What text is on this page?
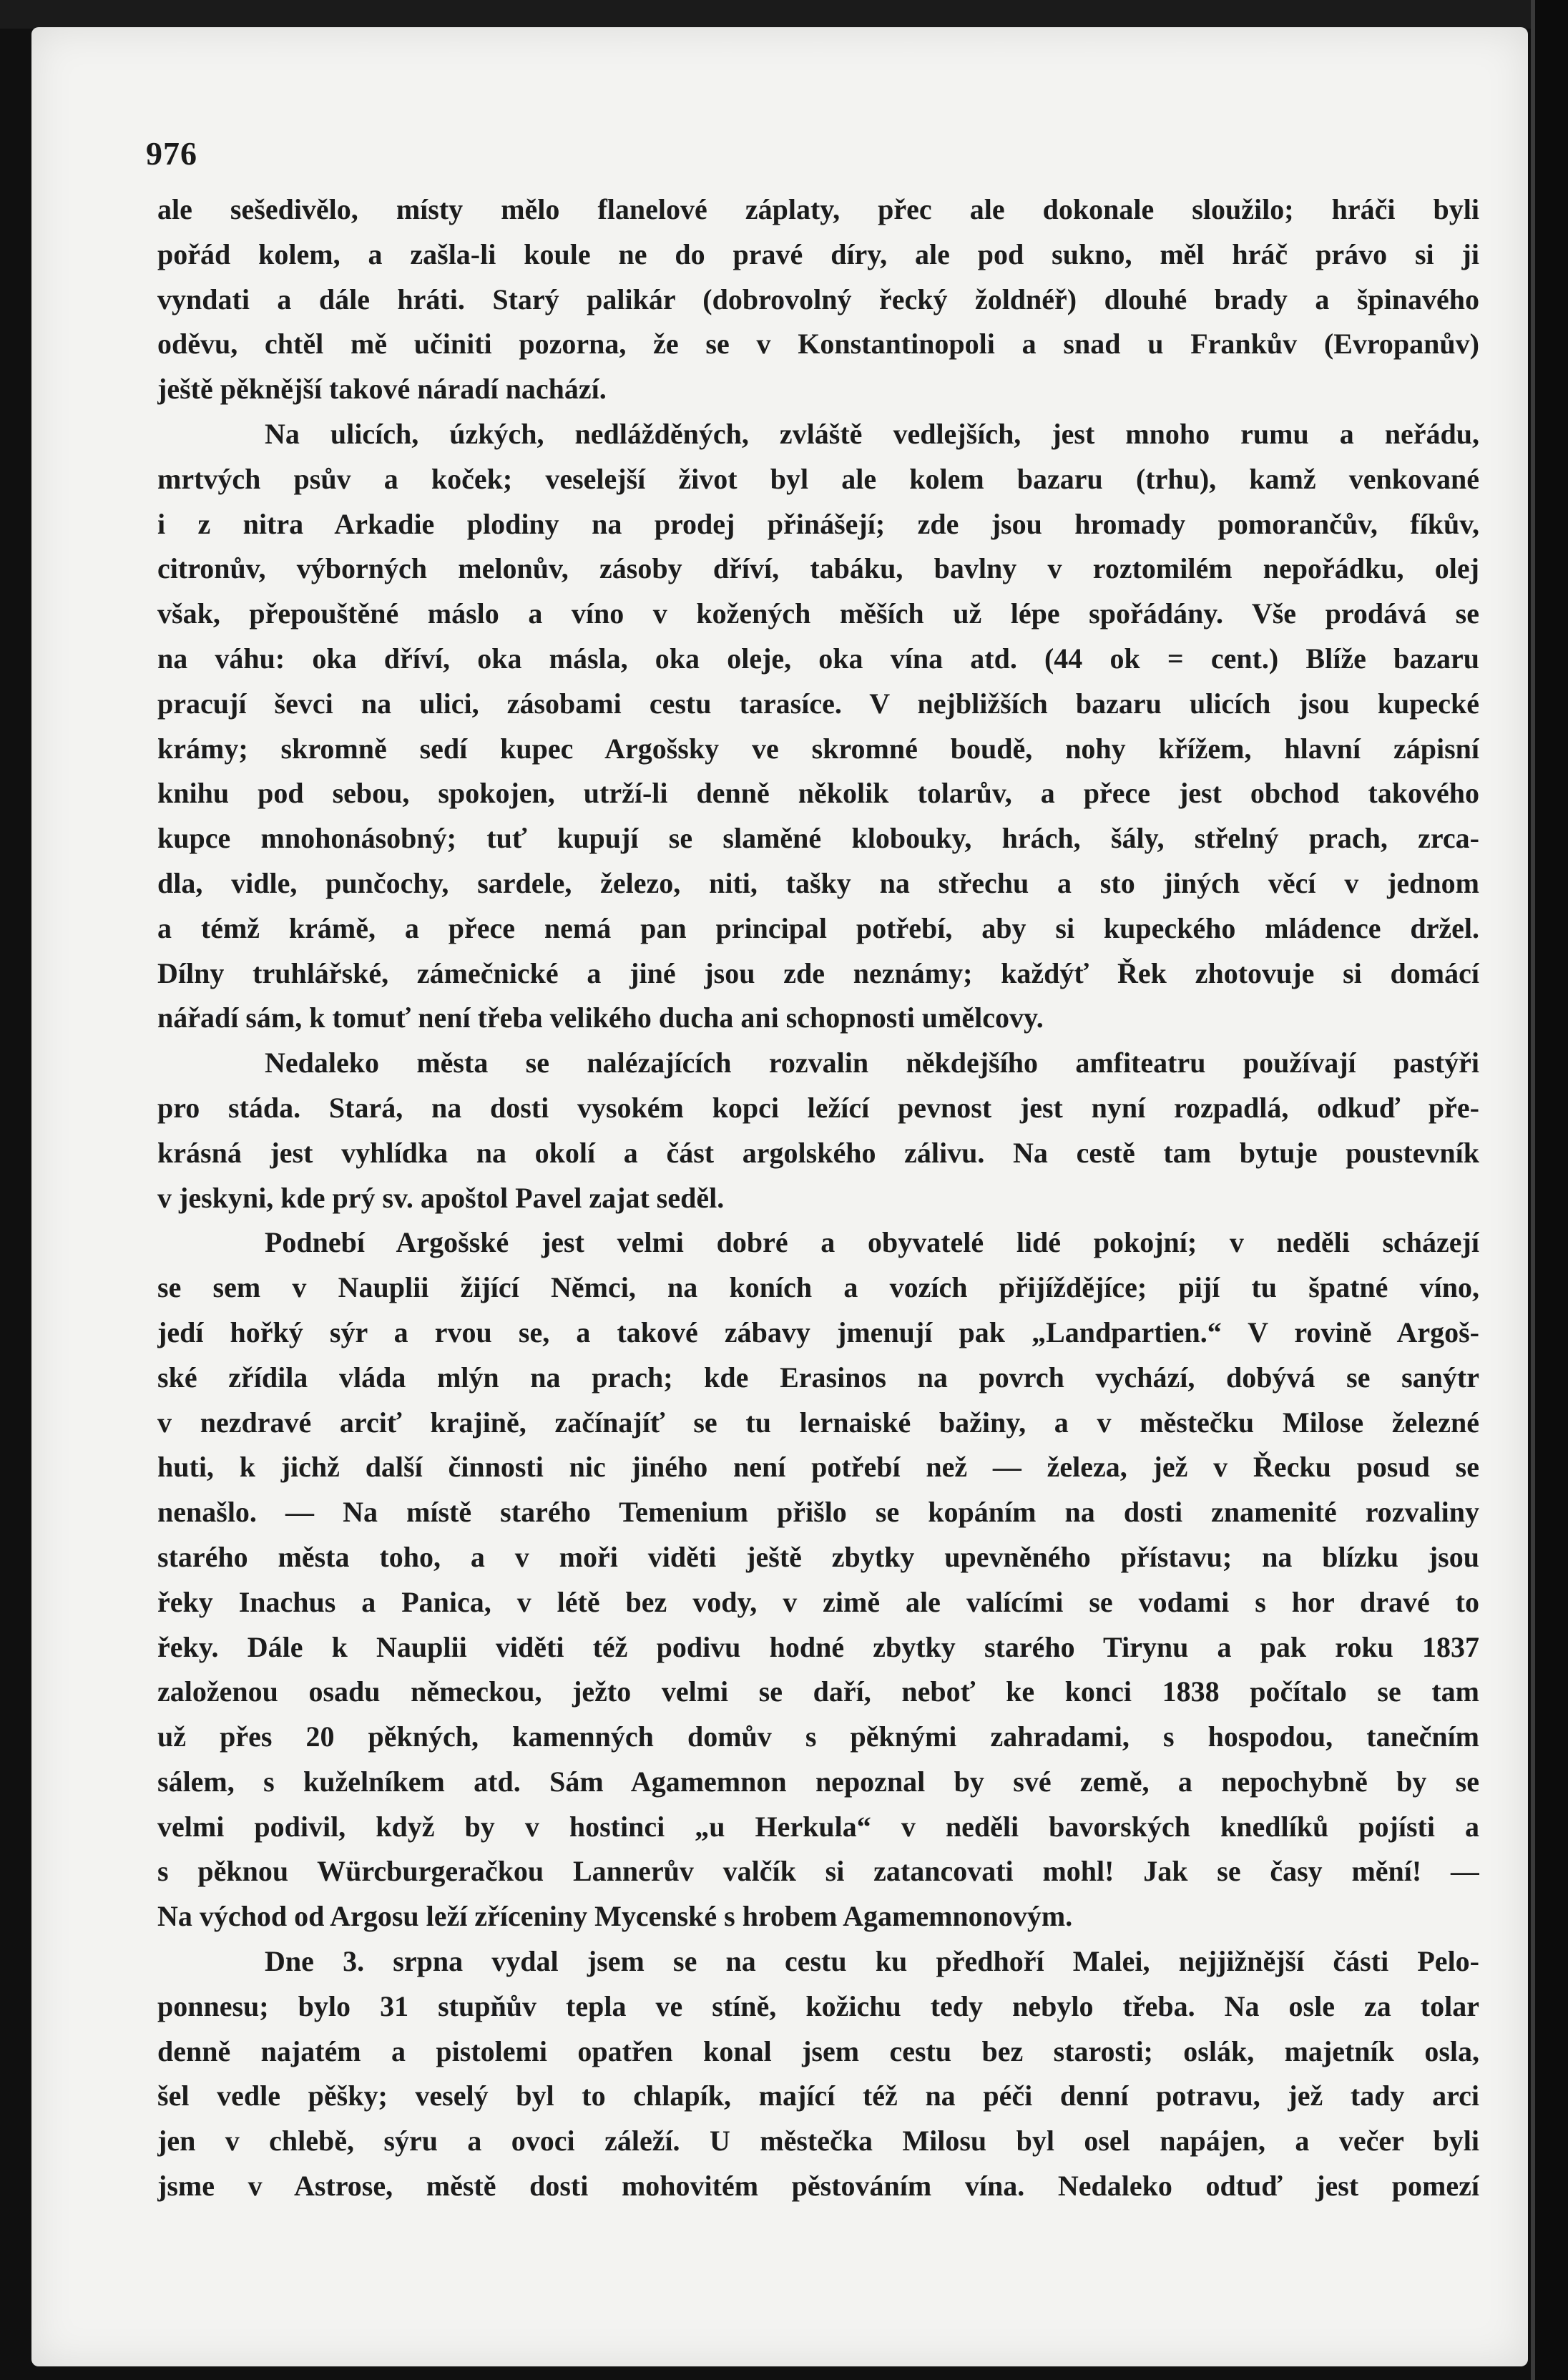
976
ale sešedivělo, místy mělo flanelové záplaty, přec ale dokonale sloužilo; hráči byli
pořád kolem, a zašla-li koule ne do pravé díry, ale pod sukno, měl hráč právo si ji
vyndati a dále hráti. Starý palikár (dobrovolný řecký žoldnéř) dlouhé brady a špinavého
oděvu, chtěl mě učiniti pozorna, že se v Konstantinopoli a snad u Frankův (Evropanův)
ještě pěknější takové náradí nachází.
Na ulicích, úzkých, nedlážděných, zvláště vedlejších, jest mnoho rumu a neřádu,
mrtvých psův a koček; veselejší život byl ale kolem bazaru (trhu), kamž venkované
i z nitra Arkadie plodiny na prodej přinášejí; zde jsou hromady pomorančův, fíkův,
citronův, výborných melonův, zásoby dříví, tabáku, bavlny v roztomilém nepořádku, olej
však, přepouštěné máslo a víno v kožených měších už lépe spořádány. Vše prodává se
na váhu: oka dříví, oka másla, oka oleje, oka vína atd. (44 ok = cent.) Blíže bazaru
pracují ševci na ulici, zásobami cestu tarasíce. V nejbližších bazaru ulicích jsou kupecké
krámy; skromně sedí kupec Argošsky ve skromné boudě, nohy křížem, hlavní zápisní
knihu pod sebou, spokojen, utrží-li denně několik tolarův, a přece jest obchod takového
kupce mnohonásobný; tuť kupují se slaměné klobouky, hrách, šály, střelný prach, zrca-
dla, vidle, punčochy, sardele, železo, niti, tašky na střechu a sto jiných věcí v jednom
a témž krámě, a přece nemá pan principal potřebí, aby si kupeckého mládence držel.
Dílny truhlářské, zámečnické a jiné jsou zde neznámy; každýť Řek zhotovuje si domácí
nářadí sám, k tomuť není třeba velikého ducha ani schopnosti umělcovy.
Nedaleko města se nalézajících rozvalin někdejšího amfiteatru používají pastýři
pro stáda. Stará, na dosti vysokém kopci ležící pevnost jest nyní rozpadlá, odkuď pře-
krásná jest vyhlídka na okolí a část argolského zálivu. Na cestě tam bytuje poustevník
v jeskyni, kde prý sv. apoštol Pavel zajat seděl.
Podnebí Argošské jest velmi dobré a obyvatelé lidé pokojní; v neděli scházejí
se sem v Nauplii žijící Němci, na koních a vozích přijíždějíce; pijí tu špatné víno,
jedí hořký sýr a rvou se, a takové zábavy jmenují pak „Landpartien.“ V rovině Argoš-
ské zřídila vláda mlýn na prach; kde Erasinos na povrch vychází, dobývá se sanýtr
v nezdravé arciť krajině, začínajíť se tu lernaiské bažiny, a v městečku Milose železné
huti, k jichž další činnosti nic jiného není potřebí než — železa, jež v Řecku posud se
nenašlo. — Na místě starého Temenium přišlo se kopáním na dosti znamenité rozvaliny
starého města toho, a v moři viděti ještě zbytky upevněného přístavu; na blízku jsou
řeky Inachus a Panica, v létě bez vody, v zimě ale valícími se vodami s hor dravé to
řeky. Dále k Nauplii viděti též podivu hodné zbytky starého Tirynu a pak roku 1837
založenou osadu německou, ježto velmi se daří, neboť ke konci 1838 počítalo se tam
už přes 20 pěkných, kamenných domův s pěknými zahradami, s hospodou, tanečním
sálem, s kuželníkem atd. Sám Agamemnon nepoznal by své země, a nepochybně by se
velmi podivil, když by v hostinci „u Herkula“ v neděli bavorských knedlíků pojísti a
s pěknou Würcburgeračkou Lannerův valčík si zatancovati mohl! Jak se časy mění! —
Na východ od Argosu leží zříceniny Mycenské s hrobem Agamemnonovým.
Dne 3. srpna vydal jsem se na cestu ku předhoří Malei, nejjižnější části Pelo-
ponnesu; bylo 31 stupňův tepla ve stíně, kožichu tedy nebylo třeba. Na osle za tolar
denně najatém a pistolemi opatřen konal jsem cestu bez starosti; oslák, majetník osla,
šel vedle pěšky; veselý byl to chlapík, mající též na péči denní potravu, jež tady arci
jen v chlebě, sýru a ovoci záleží. U městečka Milosu byl osel napájen, a večer byli
jsme v Astrose, městě dosti mohovitém pěstováním vína. Nedaleko odtuď jest pomezí
